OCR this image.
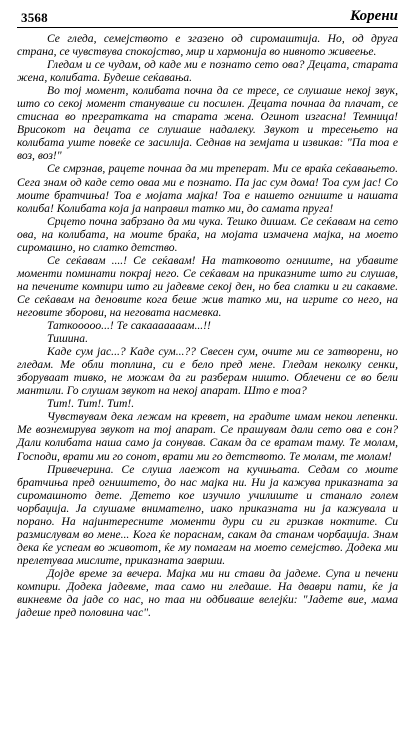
3568	Корени

Се гледа, семејството е згазено од сиромаштија. Но, од друга страна, се чувствува спокојство, мир и хармонија во нивното живеење.

Гледам и се чудам, од каде ми е познато сето ова? Децата, старата жена, колибата. Будеше сеќавања.

Во тој момент, колибата почна да се тресе, се слушаше некој звук, што со секој момент стануваше си посилен. Децата почнаа да плачат, се стиснаа во прегратката на старата жена. Огинот изгасна! Темница! Врисокот на децата се слушаше надалеку. Звукот и тресењето на колибата уште повеќе се засилија. Седнав на земјата и извикав: "Па тоа е воз, воз!"

Се смрзнав, рацете почнаа да ми треперат. Ми се враќа сеќавањето. Сега знам од каде сето оваа ми е познато. Па јас сум дома! Тоа сум јас! Со моите братчиња! Тоа е мојата мајка! Тоа е нашето огниште и нашата колиба! Колибата која ја направил татко ми, до самата пруга!

Срцето почна забрзано да ми чука. Тешко дишам. Се сеќавам на сето ова, на колибата, на моите браќа, на мојата измачена мајка, на моето сиромашно, но слатко детство.

Се сеќавам ....! Се сеќавам! На татковото огниште, на убавите моменти поминати покрај него. Се сеќавам на приказните што ги слушав, на печените компири што ги јадевме секој ден, но беа слатки и ги сакавме. Се сеќавам на деновите кога беше жив татко ми, на игрите со него, на неговите зборови, на неговата насмевка.

Таткооооо...! Те сакааааааам...!!

Тишина.

Каде сум јас...? Каде сум...?? Свесен сум, очите ми се затворени, но гледам. Ме обли топлина, си е бело пред мене. Гледам неколку сенки, зборуваат тивко, не можам да ги разберам ништо. Облечени се во бели мантили. Го слушам звукот на некој апарат. Што е тоа?

Тит!. Тит!. Тит!.

Чувствувам дека лежам на кревет, на градите имам некои лепенки. Ме вознемирува звукот на тој апарат. Се прашувам дали сето ова е сон? Дали колибата наша само ја сонував. Сакам да се вратам таму. Те молам, Господи, врати ми го сонот, врати ми го детството. Те молам, те молам!

Привечерина. Се слуша лаежот на кучињата. Седам со моите братчиња пред огништето, до нас мајка ни. Ни ја кажува приказната за сиромашното дете. Детето кое изучило училиште и станало голем чорбаџија. Ја слушаме внимателно, иако приказната ни ја кажувала и порано. На најинтересните моменти дури си ги гризкав ноктите. Си размислувам во мене... Кога ќе пораснам, сакам да станам чорбаџија. Знам дека ќе успеам во животот, ќе му помагам на моето семејство. Додека ми прелетуваа мислите, приказната заврши.

Дојде време за вечера. Мајка ми ни стави да јадеме. Супа и печени компири. Додека јадевме, таа само ни гледаше. На дваври пати, ќе ја викневме да јаде со нас, но таа ни одбиваше велејќи: "Јадете вие, мама јадеше пред половина час".
